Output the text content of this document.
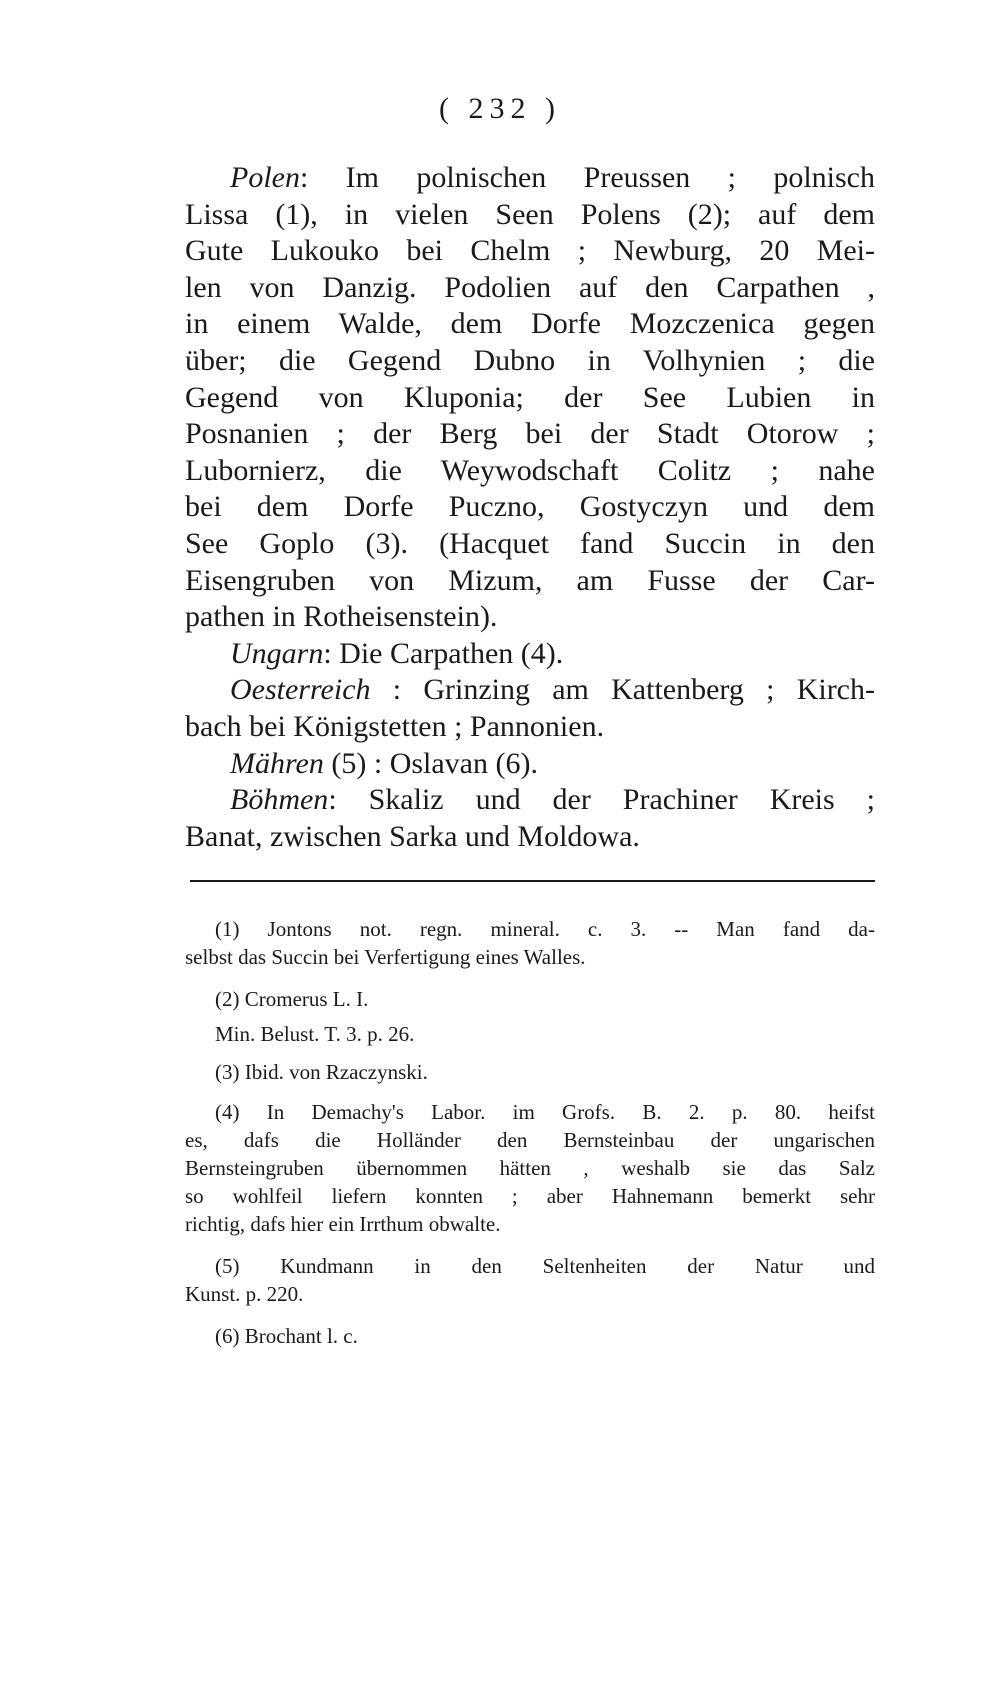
( 232 )

Polen: Im polnischen Preussen ; polnisch
Lissa (1), in vielen Seen Polens (2); auf dem
Gute Lukouko bei Chelm ; Newburg, 20 Mei-
len von Danzig. Podolien auf den Carpathen ,
in einem Walde, dem Dorfe Mozczenica gegen
über; die Gegend Dubno in Volhynien ; die
Gegend von Kluponia; der See Lubien in
Posnanien ; der Berg bei der Stadt Otorow ;
Lubornierz, die Weywodschaft Colitz ; nahe
bei dem Dorfe Puczno, Gostyczyn und dem
See Goplo (3). (Hacquet fand Succin in den
Eisengruben von Mizum, am Fusse der Car-
pathen in Rotheisenstein).

Ungarn: Die Carpathen (4).

Oesterreich : Grinzing am Kattenberg ; Kirch-
bach bei Königstetten ; Pannonien.

Mähren (5) : Oslavan (6).

Böhmen: Skaliz und der Prachiner Kreis ;
Banat, zwischen Sarka und Moldowa.

(1) Jontons not. regn. mineral. c. 3. -- Man fand da-
selbst das Succin bei Verfertigung eines Walles.

(2) Cromerus L. I.
Min. Belust. T. 3. p. 26.

(3) Ibid. von Rzaczynski.

(4) In Demachy's Labor. im Grofs. B. 2. p. 80. heifst
es, dafs die Holländer den Bernsteinbau der ungarischen
Bernsteingruben übernommen hätten , weshalb sie das Salz
so wohlfeil liefern konnten ; aber Hahnemann bemerkt sehr
richtig, dafs hier ein Irrthum obwalte.

(5) Kundmann in den Seltenheiten der Natur und
Kunst. p. 220.

(6) Brochant l. c.
